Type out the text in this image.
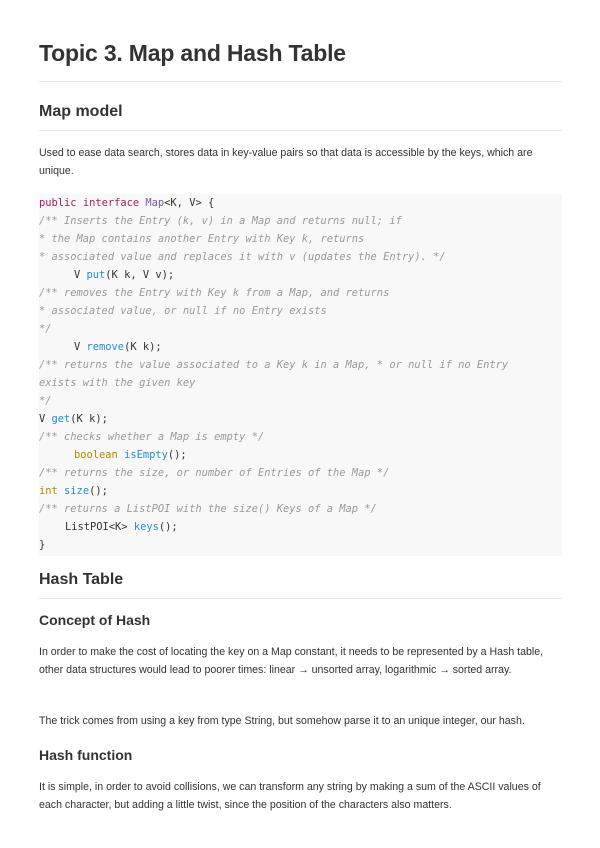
Topic 3. Map and Hash Table
Map model

Used to ease data search, stores data in key-value pairs so that data is accessible by the keys, which are unique.

public interface Map<K, V> {
/** Inserts the Entry (k, v) in a Map and returns null; if
* the Map contains another Entry with Key k, returns
* associated value and replaces it with v (updates the Entry). */
V put(K k, V v);
/** removes the Entry with Key k from a Map, and returns
* associated value, or null if no Entry exists
*/
V remove(K k);
/** returns the value associated to a Key k in a Map, * or null if no Entry
exists with the given key
*/
V get(K k);
/** checks whether a Map is empty */
boolean isEmpty();
/** returns the size, or number of Entries of the Map */
int size();
/** returns a ListPOI with the size() Keys of a Map */
ListPOI<K> keys();
}
Hash Table
Concept of Hash

In order to make the cost of locating the key on a Map constant, it needs to be represented by a Hash table, other data structures would lead to poorer times: linear → unsorted array, logarithmic → sorted array.

The trick comes from using a key from type String, but somehow parse it to an unique integer, our hash.

Hash function

It is simple, in order to avoid collisions, we can transform any string by making a sum of the ASCII values of each character, but adding a little twist, since the position of the characters also matters.
